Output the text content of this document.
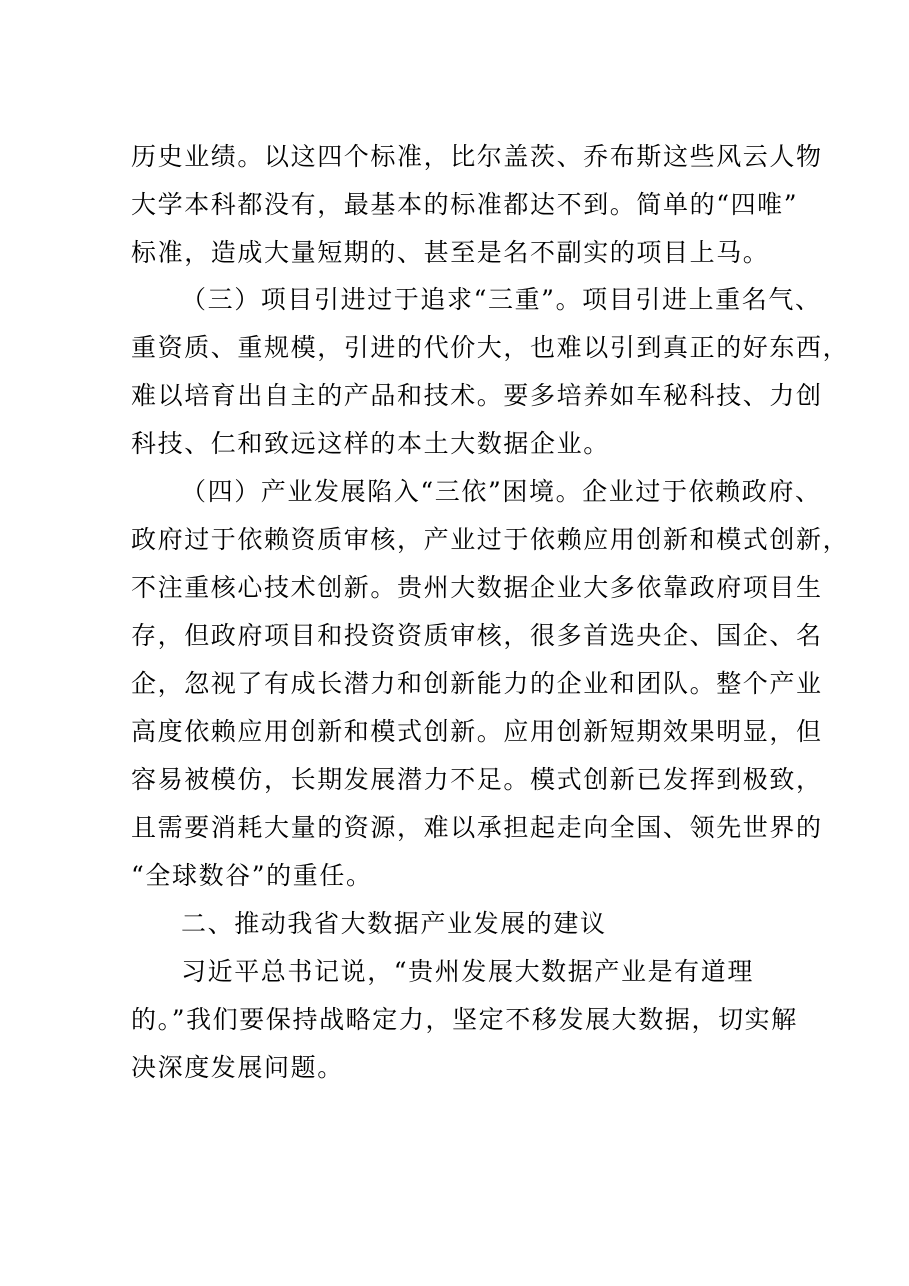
历史业绩。以这四个标准，比尔盖茨、乔布斯这些风云人物
大学本科都没有，最基本的标准都达不到。简单的“四唯”
标准，造成大量短期的、甚至是名不副实的项目上马。
（三）项目引进过于追求“三重”。项目引进上重名气、
重资质、重规模，引进的代价大，也难以引到真正的好东西，
难以培育出自主的产品和技术。要多培养如车秘科技、力创
科技、仁和致远这样的本土大数据企业。
（四）产业发展陷入“三依”困境。企业过于依赖政府、
政府过于依赖资质审核，产业过于依赖应用创新和模式创新，
不注重核心技术创新。贵州大数据企业大多依靠政府项目生
存，但政府项目和投资资质审核，很多首选央企、国企、名
企，忽视了有成长潜力和创新能力的企业和团队。整个产业
高度依赖应用创新和模式创新。应用创新短期效果明显，但
容易被模仿，长期发展潜力不足。模式创新已发挥到极致，
且需要消耗大量的资源，难以承担起走向全国、领先世界的
“全球数谷”的重任。
二、推动我省大数据产业发展的建议
习近平总书记说，“贵州发展大数据产业是有道理
的。”我们要保持战略定力，坚定不移发展大数据，切实解
决深度发展问题。
